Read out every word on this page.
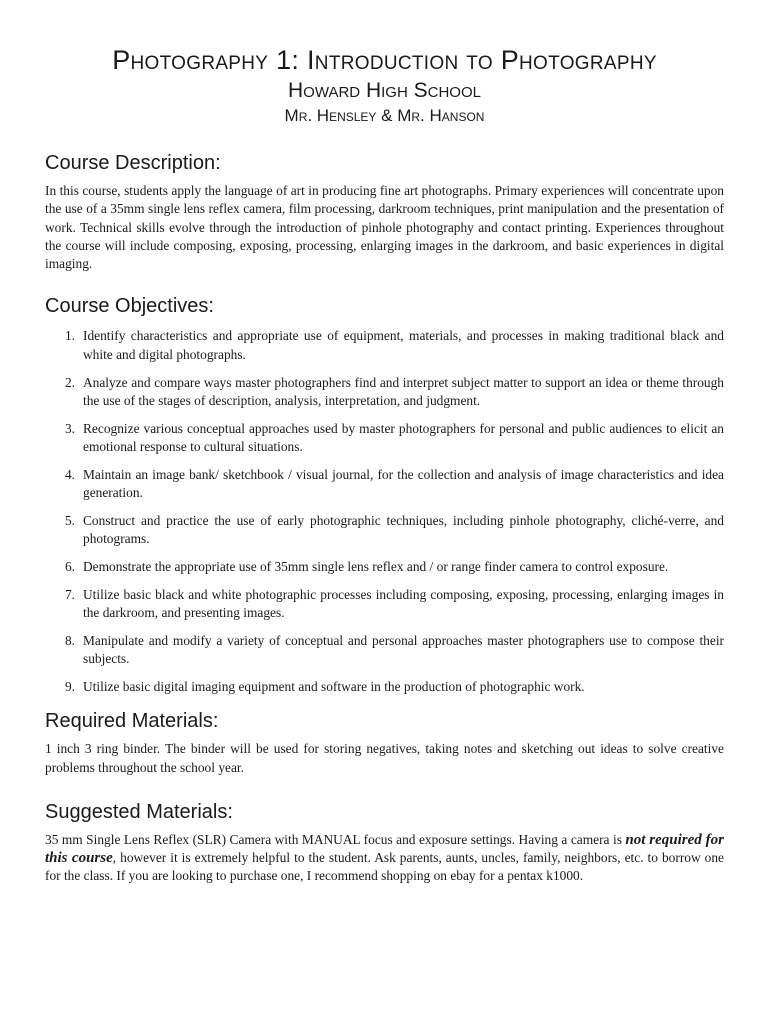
Photography 1: Introduction to Photography
Howard High School
Mr. Hensley & Mr. Hanson
Course Description:

In this course, students apply the language of art in producing fine art photographs. Primary experiences will concentrate upon the use of a 35mm single lens reflex camera, film processing, darkroom techniques, print manipulation and the presentation of work. Technical skills evolve through the introduction of pinhole photography and contact printing. Experiences throughout the course will include composing, exposing, processing, enlarging images in the darkroom, and basic experiences in digital imaging.

Course Objectives:
1. Identify characteristics and appropriate use of equipment, materials, and processes in making traditional black and white and digital photographs.
2. Analyze and compare ways master photographers find and interpret subject matter to support an idea or theme through the use of the stages of description, analysis, interpretation, and judgment.
3. Recognize various conceptual approaches used by master photographers for personal and public audiences to elicit an emotional response to cultural situations.
4. Maintain an image bank/ sketchbook / visual journal, for the collection and analysis of image characteristics and idea generation.
5. Construct and practice the use of early photographic techniques, including pinhole photography, cliché-verre, and photograms.
6. Demonstrate the appropriate use of 35mm single lens reflex and / or range finder camera to control exposure.
7. Utilize basic black and white photographic processes including composing, exposing, processing, enlarging images in the darkroom, and presenting images.
8. Manipulate and modify a variety of conceptual and personal approaches master photographers use to compose their subjects.
9. Utilize basic digital imaging equipment and software in the production of photographic work.
Required Materials:

1 inch 3 ring binder. The binder will be used for storing negatives, taking notes and sketching out ideas to solve creative problems throughout the school year.

Suggested Materials:

35 mm Single Lens Reflex (SLR) Camera with MANUAL focus and exposure settings. Having a camera is not required for this course, however it is extremely helpful to the student. Ask parents, aunts, uncles, family, neighbors, etc. to borrow one for the class. If you are looking to purchase one, I recommend shopping on ebay for a pentax k1000.
